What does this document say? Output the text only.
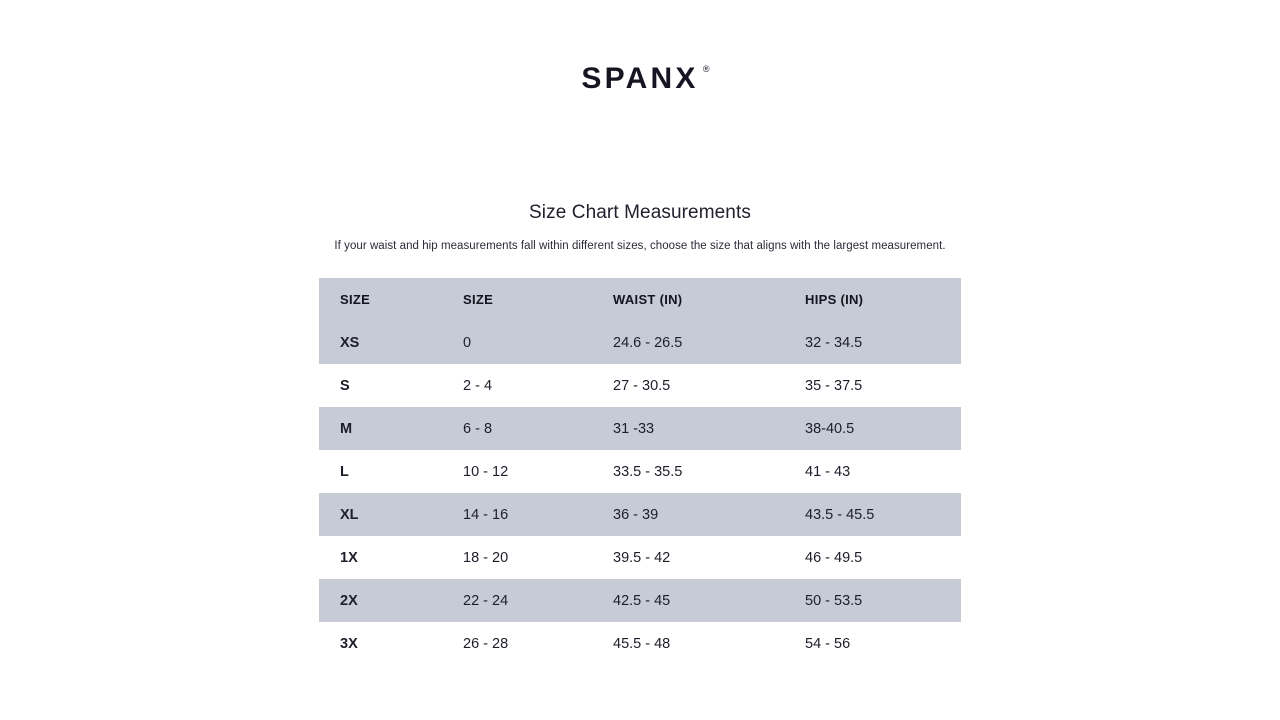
SPANX ®
Size Chart Measurements

If your waist and hip measurements fall within different sizes, choose the size that aligns with the largest measurement.

SIZE	SIZE	WAIST (IN)	HIPS (IN)
XS	0	24.6 - 26.5	32 - 34.5
S	2 - 4	27 - 30.5	35 - 37.5
M	6 - 8	31 -33	38-40.5
L	10 - 12	33.5 - 35.5	41 - 43
XL	14 - 16	36 - 39	43.5 - 45.5
1X	18 - 20	39.5 - 42	46 - 49.5
2X	22 - 24	42.5 - 45	50 - 53.5
3X	26 - 28	45.5 - 48	54 - 56
